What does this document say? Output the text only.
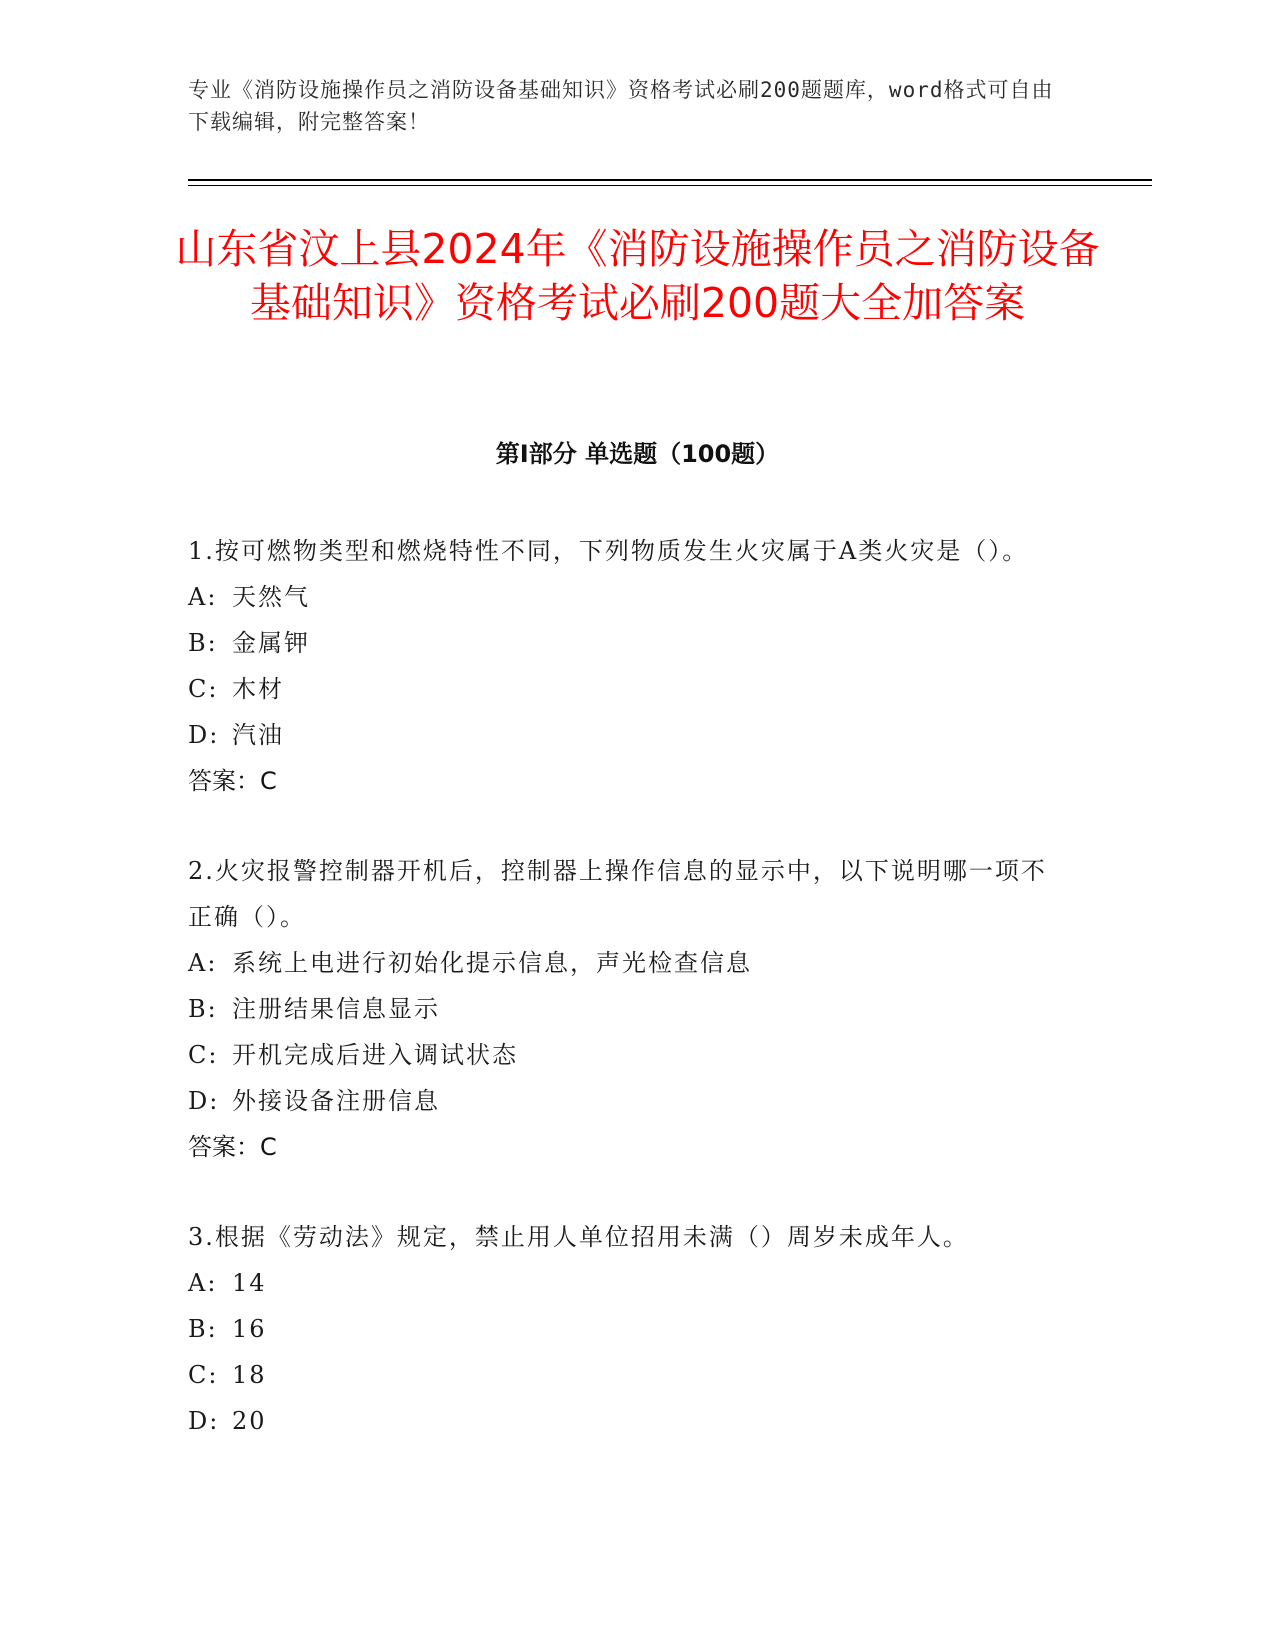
专业《消防设施操作员之消防设备基础知识》资格考试必刷200题题库，word格式可自由下载编辑，附完整答案！
山东省汶上县2024年《消防设施操作员之消防设备基础知识》资格考试必刷200题大全加答案
第Ⅰ部分 单选题（100题）

1.按可燃物类型和燃烧特性不同，下列物质发生火灾属于A类火灾是（）。

A: 天然气

B: 金属钾

C: 木材

D: 汽油

答案：C

2.火灾报警控制器开机后，控制器上操作信息的显示中，以下说明哪一项不正确（）。

A: 系统上电进行初始化提示信息，声光检查信息

B: 注册结果信息显示

C: 开机完成后进入调试状态

D: 外接设备注册信息

答案：C

3.根据《劳动法》规定，禁止用人单位招用未满（）周岁未成年人。

A: 14

B: 16

C: 18

D: 20
